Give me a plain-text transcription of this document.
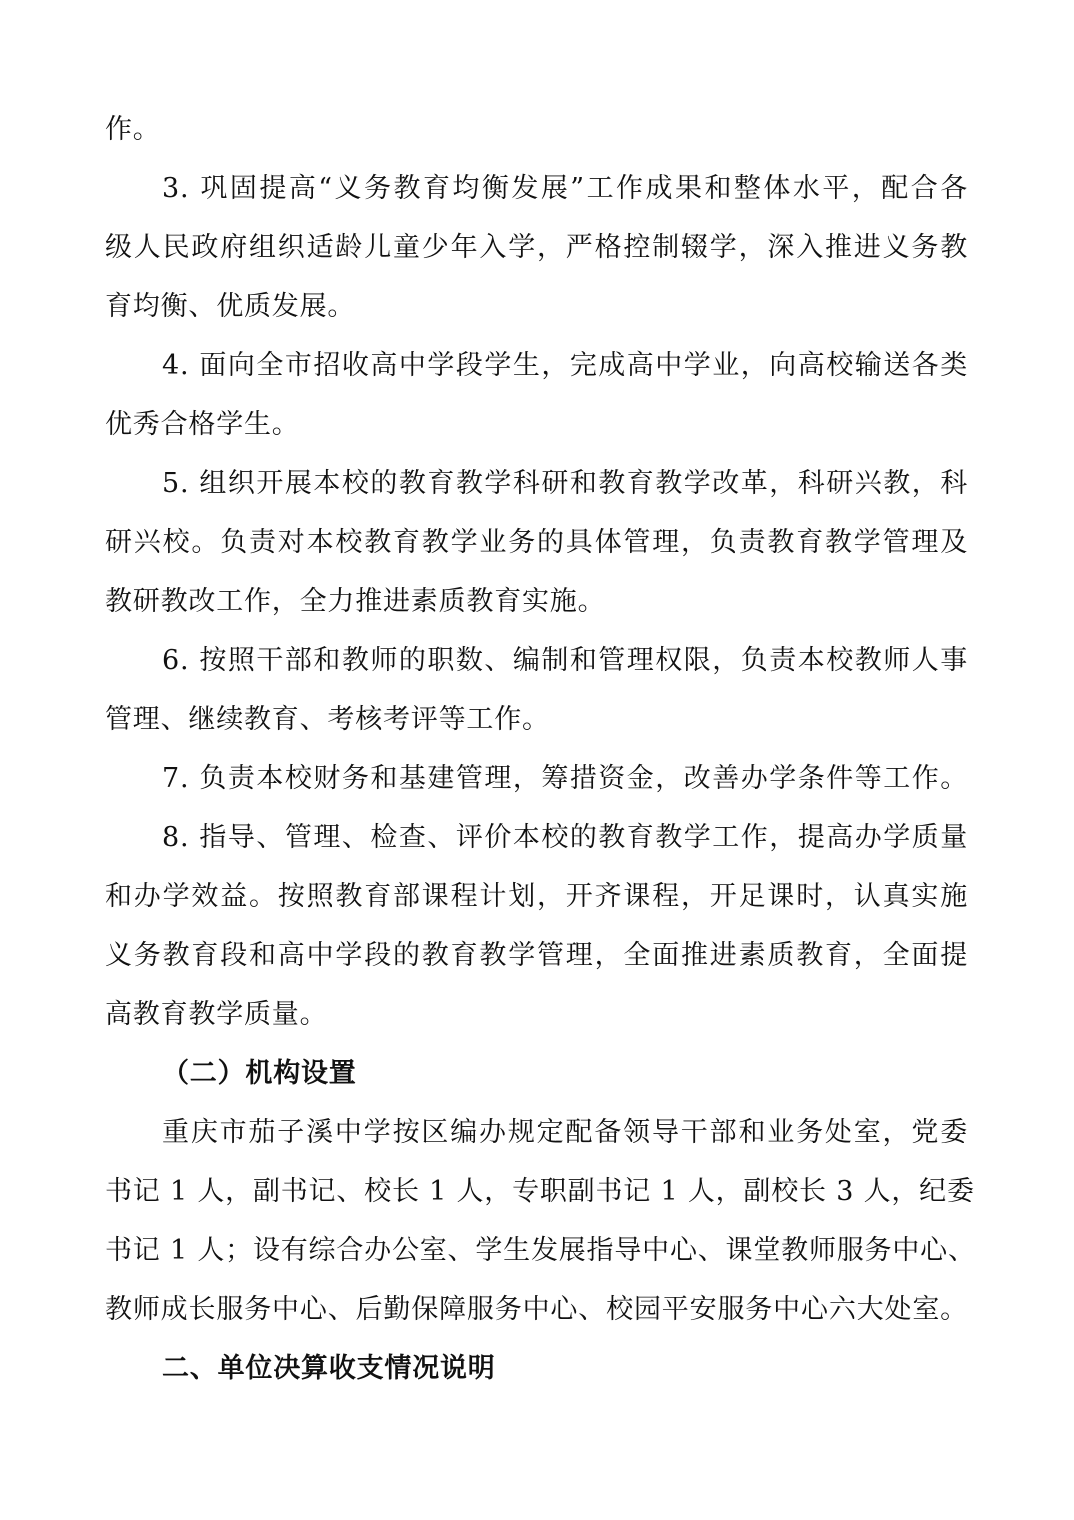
作。
3. 巩固提高“义务教育均衡发展”工作成果和整体水平，配合各
级人民政府组织适龄儿童少年入学，严格控制辍学，深入推进义务教
育均衡、优质发展。
4. 面向全市招收高中学段学生，完成高中学业，向高校输送各类
优秀合格学生。
5. 组织开展本校的教育教学科研和教育教学改革，科研兴教，科
研兴校。负责对本校教育教学业务的具体管理，负责教育教学管理及
教研教改工作，全力推进素质教育实施。
6. 按照干部和教师的职数、编制和管理权限，负责本校教师人事
管理、继续教育、考核考评等工作。
7. 负责本校财务和基建管理，筹措资金，改善办学条件等工作。
8. 指导、管理、检查、评价本校的教育教学工作，提高办学质量
和办学效益。按照教育部课程计划，开齐课程，开足课时，认真实施
义务教育段和高中学段的教育教学管理，全面推进素质教育，全面提
高教育教学质量。
（二）机构设置
重庆市茄子溪中学按区编办规定配备领导干部和业务处室，党委
书记 1 人，副书记、校长 1 人，专职副书记 1 人，副校长 3 人，纪委
书记 1 人；设有综合办公室、学生发展指导中心、课堂教师服务中心、
教师成长服务中心、后勤保障服务中心、校园平安服务中心六大处室。
二、单位决算收支情况说明
